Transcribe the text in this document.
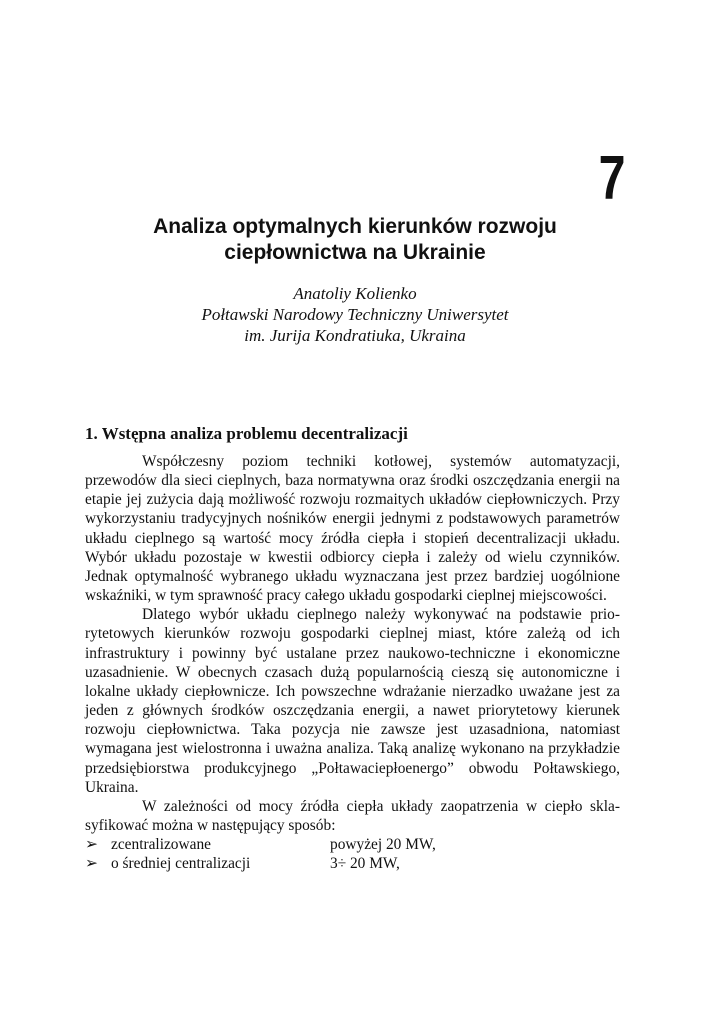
7
Analiza optymalnych kierunków rozwoju
ciepłownictwa na Ukrainie
Anatoliy Kolienko
Połtawski Narodowy Techniczny Uniwersytet
im. Jurija Kondratiuka, Ukraina
1. Wstępna analiza problemu decentralizacji

Współczesny poziom techniki kotłowej, systemów automatyzacji, przewodów dla sieci cieplnych, baza normatywna oraz środki oszczędzania energii na etapie jej zużycia dają możliwość rozwoju rozmaitych układów ciepłowniczych. Przy wykorzystaniu tradycyjnych nośników energii jednymi z podstawowych parametrów układu cieplnego są wartość mocy źródła ciepła i stopień decentralizacji układu. Wybór układu pozostaje w kwestii odbiorcy ciepła i zależy od wielu czynników. Jednak optymalność wybranego układu wyznaczana jest przez bardziej uogólnione wskaźniki, w tym sprawność pracy całego układu gospodarki cieplnej miejscowości.

Dlatego wybór układu cieplnego należy wykonywać na podstawie priorytetowych kierunków rozwoju gospodarki cieplnej miast, które zależą od ich infrastruktury i powinny być ustalane przez naukowo-techniczne i ekonomiczne uzasadnienie. W obecnych czasach dużą popularnością cieszą się autonomiczne i lokalne układy ciepłownicze. Ich powszechne wdrażanie nierzadko uważane jest za jeden z głównych środków oszczędzania energii, a nawet priorytetowy kierunek rozwoju ciepłownictwa. Taka pozycja nie zawsze jest uzasadniona, natomiast wymagana jest wielostronna i uważna analiza. Taką analizę wykonano na przykładzie przedsiębiorstwa produkcyjnego „Połtawaciepłoenergo” obwodu Połtawskiego, Ukraina.

W zależności od mocy źródła ciepła układy zaopatrzenia w ciepło sklasyfikować można w następujący sposób:

➢ zcentralizowane	powyżej 20 MW,
➢ o średniej centralizacji	3÷ 20 MW,
